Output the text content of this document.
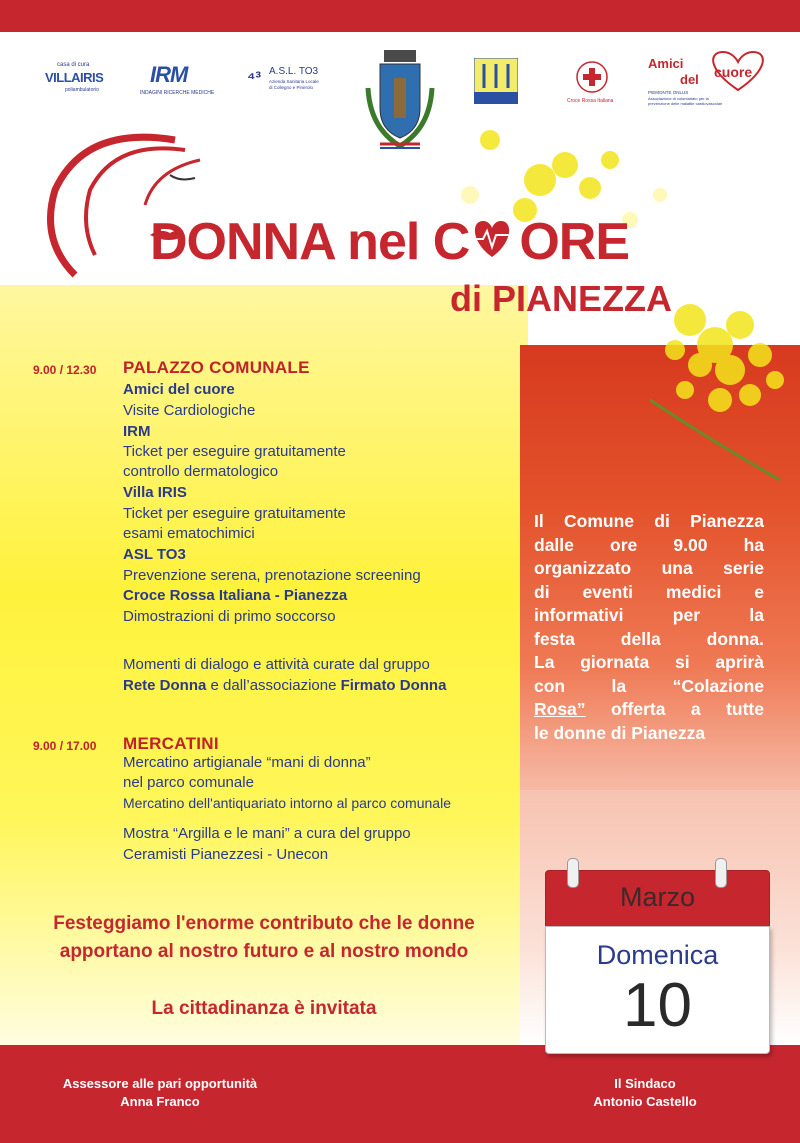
casa di cura
VILLAIRIS
poliambulatorio
IRM
INDAGINI RICERCHE MEDICHE
⁴³ A.S.L. TO3
Azienda Sanitaria Locale
di Collegno e Pinerolo
Croce Rossa Italiana
Amici
del cuore
PIEMONTE ONLUS
Associazione di volontariato per la
prevenzione delle malattie cardiovascolari
DONNA nel C ORE
di PIANEZZA
9.00 / 12.30 PALAZZO COMUNALE
Amici del cuore
Visite Cardiologiche
IRM
Ticket per eseguire gratuitamente
controllo dermatologico
Villa IRIS
Ticket per eseguire gratuitamente
esami ematochimici
ASL TO3
Prevenzione serena, prenotazione screening
Croce Rossa Italiana - Pianezza
Dimostrazioni di primo soccorso
Momenti di dialogo e attività curate dal gruppo
Rete Donna e dall’associazione Firmato Donna
9.00 / 17.00 MERCATINI
Mercatino artigianale “mani di donna”
nel parco comunale
Mercatino dell'antiquariato intorno al parco comunale
Mostra “Argilla e le mani” a cura del gruppo
Ceramisti Pianezzesi - Unecon
Il Comune di Pianezza
dalle ore 9.00 ha
organizzato una serie
di eventi medici e
informativi per la
festa della donna.
La giornata si aprirà
con la “Colazione
Rosa” offerta a tutte
le donne di Pianezza
Marzo
Domenica
10
Festeggiamo l'enorme contributo che le donne
apportano al nostro futuro e al nostro mondo
La cittadinanza è invitata
Assessore alle pari opportunità
Anna Franco
Il Sindaco
Antonio Castello
